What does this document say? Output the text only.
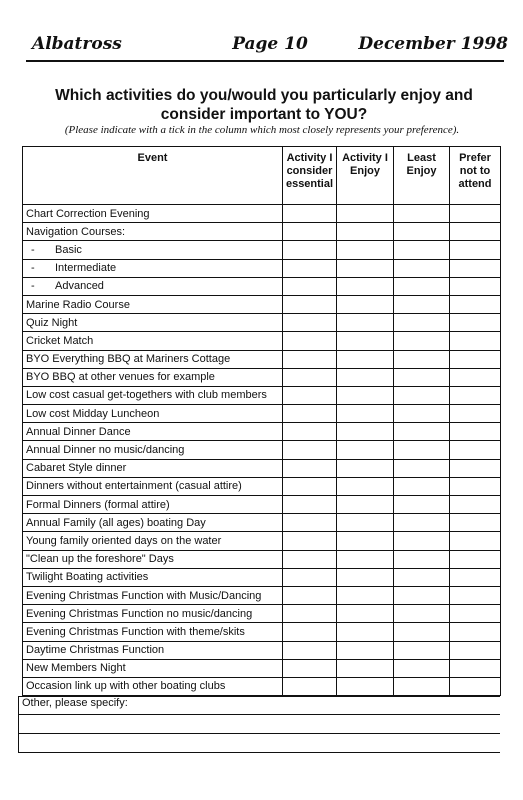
Page 10
Albatross	December 1998
Which activities do you/would you particularly enjoy and
consider important to YOU?
(Please indicate with a tick in the column which most closely represents your preference).
Event	Activity I consider essential	Activity I Enjoy	Least Enjoy	Prefer not to attend
Chart Correction Evening				
Navigation Courses:				
- Basic				
- Intermediate				
- Advanced				
Marine Radio Course				
Quiz Night				
Cricket Match				
BYO Everything BBQ at Mariners Cottage				
BYO BBQ at other venues for example				
Low cost casual get-togethers with club members				
Low cost Midday Luncheon				
Annual Dinner Dance				
Annual Dinner no music/dancing				
Cabaret Style dinner				
Dinners without entertainment (casual attire)				
Formal Dinners (formal attire)				
Annual Family (all ages) boating Day				
Young family oriented days on the water				
"Clean up the foreshore" Days				
Twilight Boating activities				
Evening Christmas Function with Music/Dancing				
Evening Christmas Function no music/dancing				
Evening Christmas Function with theme/skits				
Daytime Christmas Function				
New Members Night				
Occasion link up with other boating clubs				
Other, please specify:
